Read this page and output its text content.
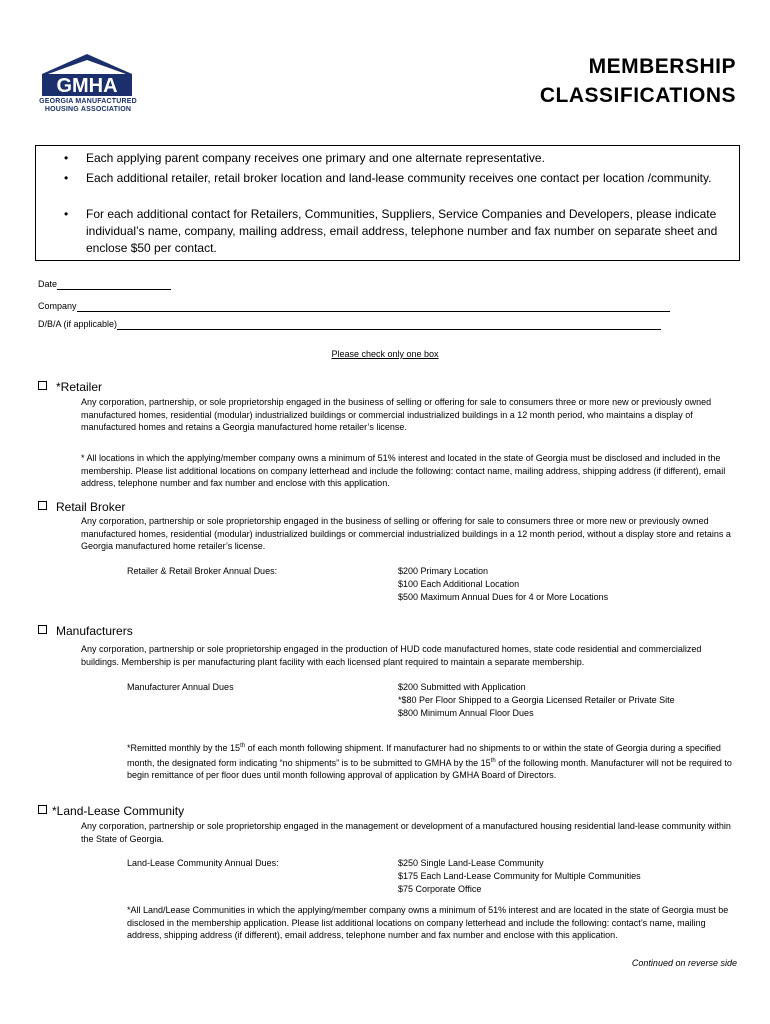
GMHA
GEORGIA MANUFACTURED
HOUSING ASSOCIATION
MEMBERSHIP
CLASSIFICATIONS
• Each applying parent company receives one primary and one alternate representative.
• Each additional retailer, retail broker location and land-lease community receives one contact per location /community.
• For each additional contact for Retailers, Communities, Suppliers, Service Companies and Developers, please indicate individual’s name, company, mailing address, email address, telephone number and fax number on separate sheet and enclose $50 per contact.
Date
Company
D/B/A (if applicable)
Please check only one box
*Retailer
Any corporation, partnership, or sole proprietorship engaged in the business of selling or offering for sale to consumers three or more new or previously owned manufactured homes, residential (modular) industrialized buildings or commercial industrialized buildings in a 12 month period, who maintains a display of manufactured homes and retains a Georgia manufactured home retailer’s license.
* All locations in which the applying/member company owns a minimum of 51% interest and located in the state of Georgia must be disclosed and included in the membership. Please list additional locations on company letterhead and include the following: contact name, mailing address, shipping address (if different), email address, telephone number and fax number and enclose with this application.
Retail Broker
Any corporation, partnership or sole proprietorship engaged in the business of selling or offering for sale to consumers three or more new or previously owned manufactured homes, residential (modular) industrialized buildings or commercial industrialized buildings in a 12 month period, without a display store and retains a Georgia manufactured home retailer’s license.
Retailer & Retail Broker Annual Dues:	$200 Primary Location
$100 Each Additional Location
$500 Maximum Annual Dues for 4 or More Locations
Manufacturers
Any corporation, partnership or sole proprietorship engaged in the production of HUD code manufactured homes, state code residential and commercialized buildings. Membership is per manufacturing plant facility with each licensed plant required to maintain a separate membership.
Manufacturer Annual Dues	$200 Submitted with Application
*$80 Per Floor Shipped to a Georgia Licensed Retailer or Private Site
$800 Minimum Annual Floor Dues
*Remitted monthly by the 15th of each month following shipment. If manufacturer had no shipments to or within the state of Georgia during a specified month, the designated form indicating “no shipments” is to be submitted to GMHA by the 15th of the following month. Manufacturer will not be required to begin remittance of per floor dues until month following approval of application by GMHA Board of Directors.
*Land-Lease Community
Any corporation, partnership or sole proprietorship engaged in the management or development of a manufactured housing residential land-lease community within the State of Georgia.
Land-Lease Community Annual Dues:	$250 Single Land-Lease Community
$175 Each Land-Lease Community for Multiple Communities
$75 Corporate Office
*All Land/Lease Communities in which the applying/member company owns a minimum of 51% interest and are located in the state of Georgia must be disclosed in the membership application. Please list additional locations on company letterhead and include the following: contact’s name, mailing address, shipping address (if different), email address, telephone number and fax number and enclose with this application.
Continued on reverse side
